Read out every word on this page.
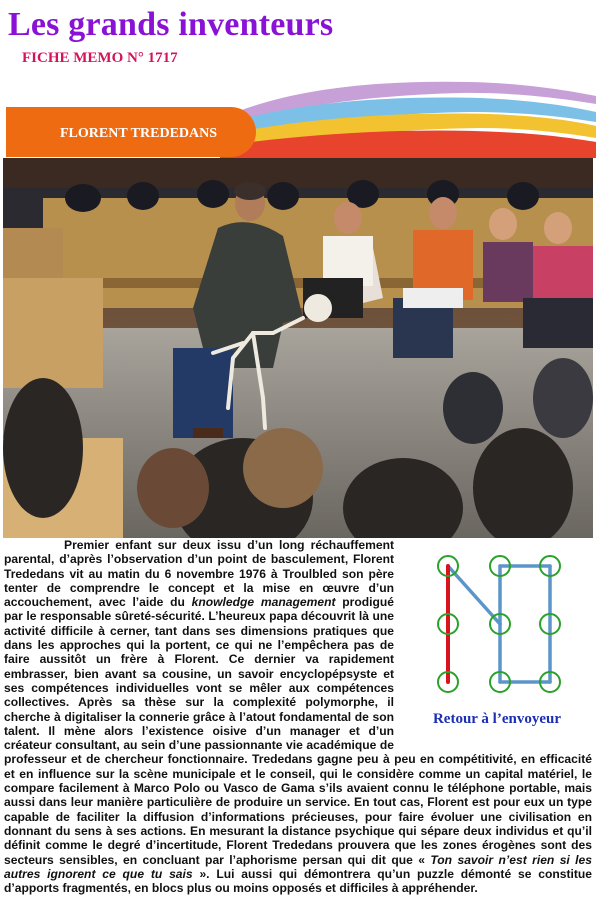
Les grands inventeurs
FICHE MEMO N° 1717

FLORENT TREDEDANS

Retour à l’envoyeur

Premier enfant sur deux issu d’un long réchauffement parental, d’après l’observation d’un point de basculement, Florent Trededans vit au matin du 6 novembre 1976 à Troulbled son père tenter de comprendre le concept et la mise en œuvre d’un accouchement, avec l’aide du knowledge management prodigué par le responsable sûreté-sécurité. L’heureux papa découvrit là une activité difficile à cerner, tant dans ses dimensions pratiques que dans les approches qui la portent, ce qui ne l’empêchera pas de faire aussitôt un frère à Florent. Ce dernier va rapidement embrasser, bien avant sa cousine, un savoir encyclopépsyste et ses compétences individuelles vont se mêler aux compétences collectives. Après sa thèse sur la complexité polymorphe, il cherche à digitaliser la connerie grâce à l’atout fondamental de son talent. Il mène alors l’existence oisive d’un manager et d’un créateur consultant, au sein d’une passionnante vie académique de professeur et de chercheur fonctionnaire. Trededans gagne peu à peu en compétitivité, en efficacité et en influence sur la scène municipale et le conseil, qui le considère comme un capital matériel, le compare facilement à Marco Polo ou Vasco de Gama s’ils avaient connu le téléphone portable, mais aussi dans leur manière particulière de produire un service. En tout cas, Florent est pour eux un type capable de faciliter la diffusion d’informations précieuses, pour faire évoluer une civilisation en donnant du sens à ses actions. En mesurant la distance psychique qui sépare deux individus et qu’il définit comme le degré d’incertitude, Florent Trededans prouvera que les zones érogènes sont des secteurs sensibles, en concluant par l’aphorisme persan qui dit que « Ton savoir n’est rien si les autres ignorent ce que tu sais ». Lui aussi qui démontrera qu’un puzzle démonté se constitue d’apports fragmentés, en blocs plus ou moins opposés et difficiles à appréhender.
